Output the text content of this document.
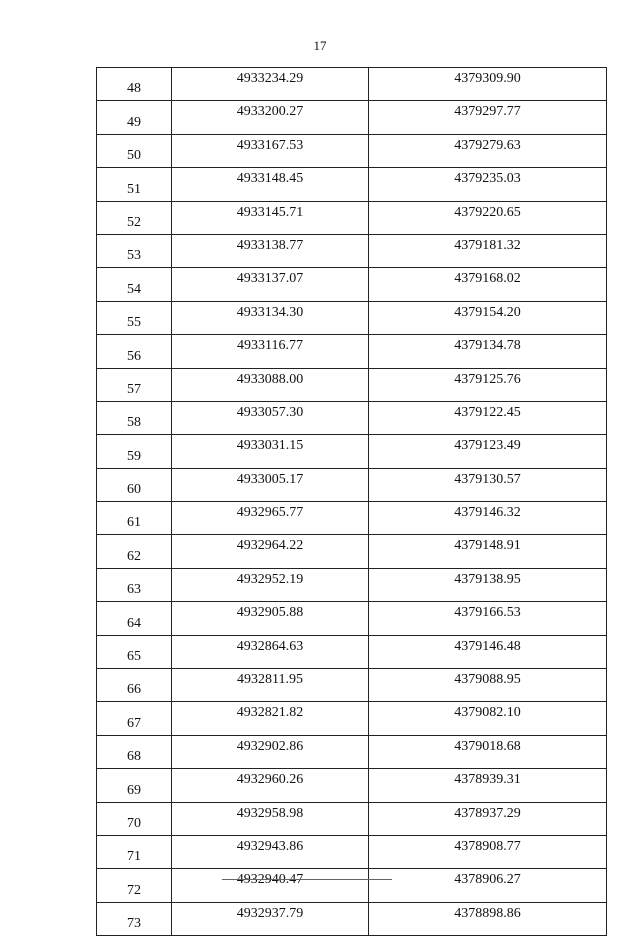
17
48	4933234.29	4379309.90
49	4933200.27	4379297.77
50	4933167.53	4379279.63
51	4933148.45	4379235.03
52	4933145.71	4379220.65
53	4933138.77	4379181.32
54	4933137.07	4379168.02
55	4933134.30	4379154.20
56	4933116.77	4379134.78
57	4933088.00	4379125.76
58	4933057.30	4379122.45
59	4933031.15	4379123.49
60	4933005.17	4379130.57
61	4932965.77	4379146.32
62	4932964.22	4379148.91
63	4932952.19	4379138.95
64	4932905.88	4379166.53
65	4932864.63	4379146.48
66	4932811.95	4379088.95
67	4932821.82	4379082.10
68	4932902.86	4379018.68
69	4932960.26	4378939.31
70	4932958.98	4378937.29
71	4932943.86	4378908.77
72	4932940.47	4378906.27
73	4932937.79	4378898.86
